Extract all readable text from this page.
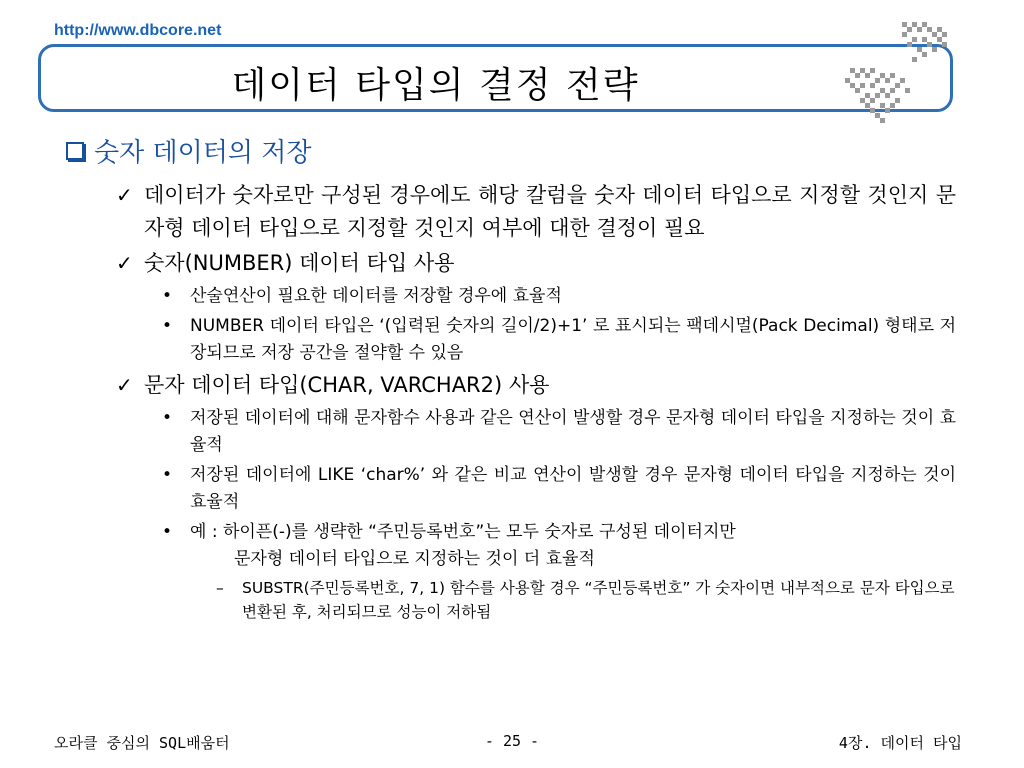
http://www.dbcore.net
데이터 타입의 결정 전략
숫자 데이터의 저장
✓ 데이터가 숫자로만 구성된 경우에도 해당 칼럼을 숫자 데이터 타입으로 지정할 것인지 문자형 데이터 타입으로 지정할 것인지 여부에 대한 결정이 필요
✓ 숫자(NUMBER) 데이터 타입 사용
•	산술연산이 필요한 데이터를 저장할 경우에 효율적
•	NUMBER 데이터 타입은 ‘(입력된 숫자의 길이/2)+1’ 로 표시되는 팩데시멀(Pack Decimal) 형태로 저장되므로 저장 공간을 절약할 수 있음
✓ 문자 데이터 타입(CHAR, VARCHAR2) 사용
•	저장된 데이터에 대해 문자함수 사용과 같은 연산이 발생할 경우 문자형 데이터 타입을 지정하는 것이 효율적
•	저장된 데이터에 LIKE ‘char%’ 와 같은 비교 연산이 발생할 경우 문자형 데이터 타입을 지정하는 것이 효율적
•	예 : 하이픈(-)를 생략한 “주민등록번호”는 모두 숫자로 구성된 데이터지만
문자형 데이터 타입으로 지정하는 것이 더 효율적
–	SUBSTR(주민등록번호, 7, 1) 함수를 사용할 경우 “주민등록번호” 가 숫자이면 내부적으로 문자 타입으로 변환된 후, 처리되므로 성능이 저하됨
오라클 중심의 SQL배움터	- 25 -	4장. 데이터 타입
